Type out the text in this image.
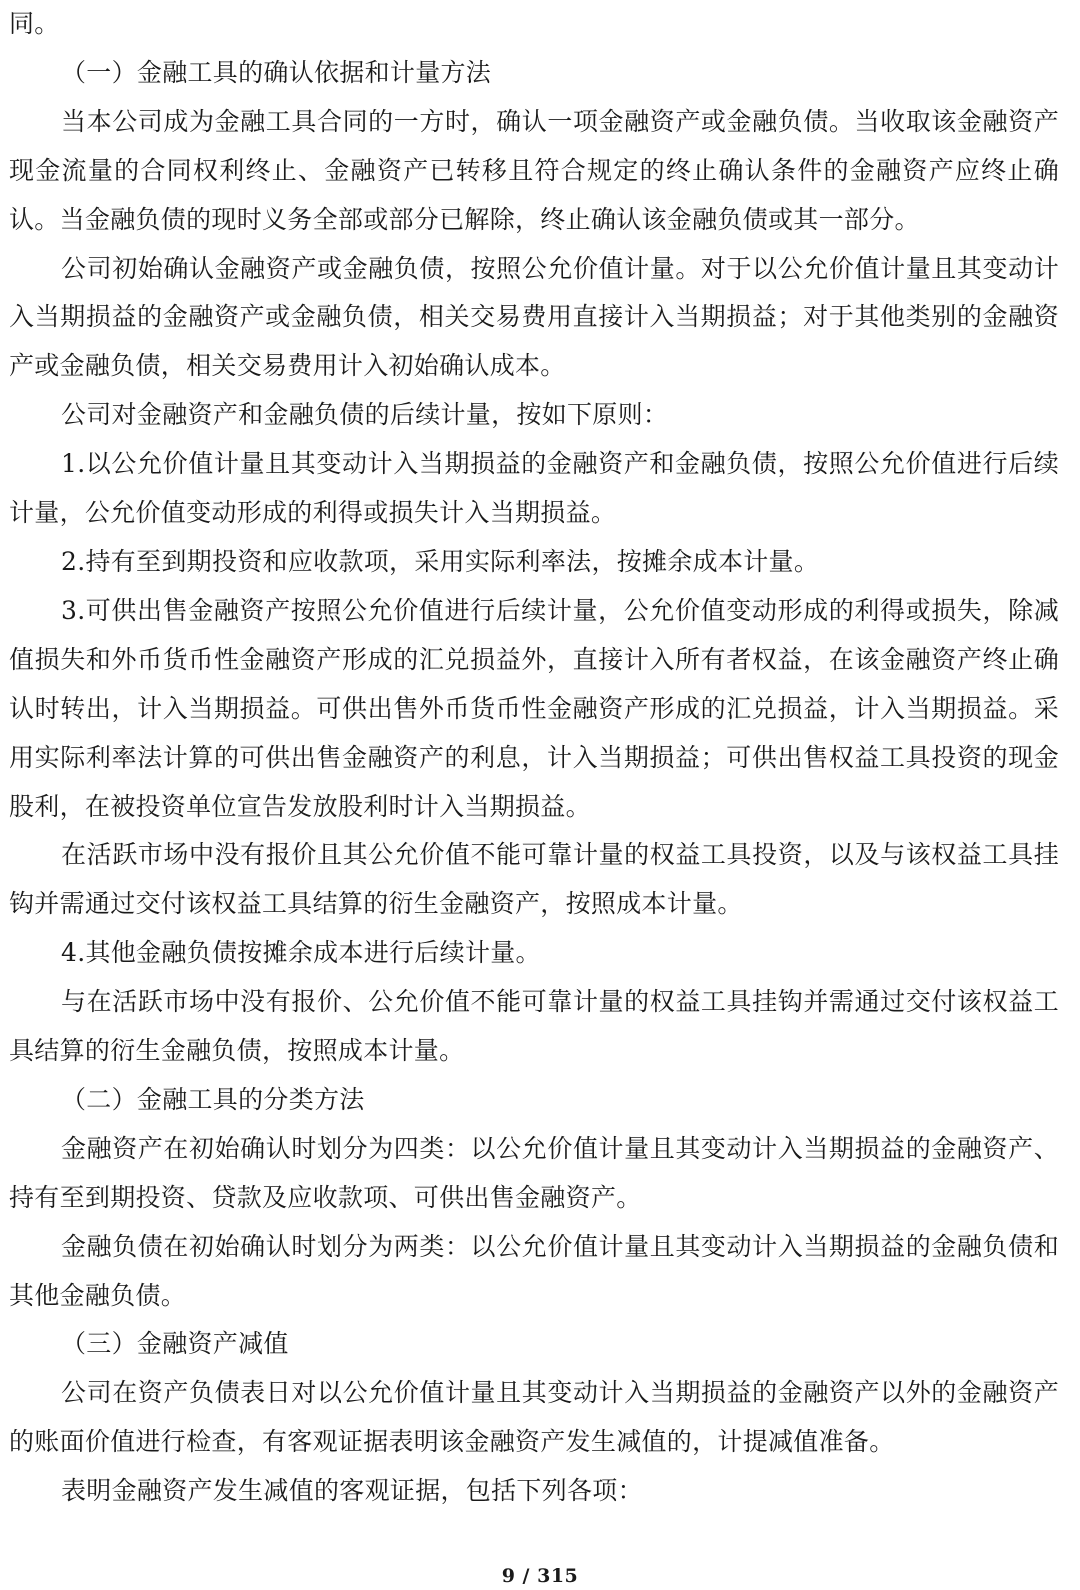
同。

（一）金融工具的确认依据和计量方法

当本公司成为金融工具合同的一方时，确认一项金融资产或金融负债。当收取该金融资产现金流量的合同权利终止、金融资产已转移且符合规定的终止确认条件的金融资产应终止确认。当金融负债的现时义务全部或部分已解除，终止确认该金融负债或其一部分。

公司初始确认金融资产或金融负债，按照公允价值计量。对于以公允价值计量且其变动计入当期损益的金融资产或金融负债，相关交易费用直接计入当期损益；对于其他类别的金融资产或金融负债，相关交易费用计入初始确认成本。

公司对金融资产和金融负债的后续计量，按如下原则：

1.以公允价值计量且其变动计入当期损益的金融资产和金融负债，按照公允价值进行后续计量，公允价值变动形成的利得或损失计入当期损益。

2.持有至到期投资和应收款项，采用实际利率法，按摊余成本计量。

3.可供出售金融资产按照公允价值进行后续计量，公允价值变动形成的利得或损失，除减值损失和外币货币性金融资产形成的汇兑损益外，直接计入所有者权益，在该金融资产终止确认时转出，计入当期损益。可供出售外币货币性金融资产形成的汇兑损益，计入当期损益。采用实际利率法计算的可供出售金融资产的利息，计入当期损益；可供出售权益工具投资的现金股利，在被投资单位宣告发放股利时计入当期损益。

在活跃市场中没有报价且其公允价值不能可靠计量的权益工具投资，以及与该权益工具挂钩并需通过交付该权益工具结算的衍生金融资产，按照成本计量。

4.其他金融负债按摊余成本进行后续计量。

与在活跃市场中没有报价、公允价值不能可靠计量的权益工具挂钩并需通过交付该权益工具结算的衍生金融负债，按照成本计量。

（二）金融工具的分类方法

金融资产在初始确认时划分为四类：以公允价值计量且其变动计入当期损益的金融资产、持有至到期投资、贷款及应收款项、可供出售金融资产。

金融负债在初始确认时划分为两类：以公允价值计量且其变动计入当期损益的金融负债和其他金融负债。

（三）金融资产减值

公司在资产负债表日对以公允价值计量且其变动计入当期损益的金融资产以外的金融资产的账面价值进行检查，有客观证据表明该金融资产发生减值的，计提减值准备。

表明金融资产发生减值的客观证据，包括下列各项：

9 / 315
